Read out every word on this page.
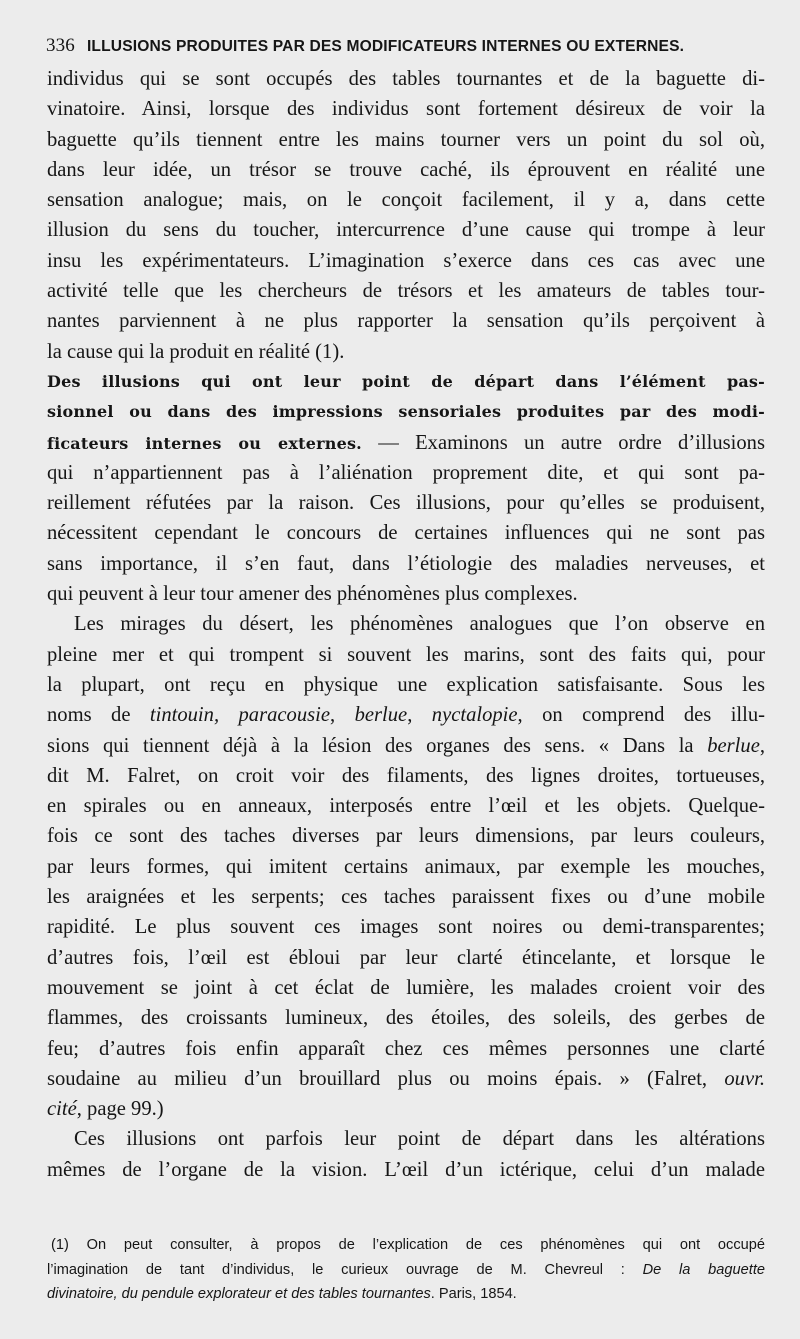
336 ILLUSIONS PRODUITES PAR DES MODIFICATEURS INTERNES OU EXTERNES.
individus qui se sont occupés des tables tournantes et de la baguette di-
vinatoire. Ainsi, lorsque des individus sont fortement désireux de voir la
baguette qu’ils tiennent entre les mains tourner vers un point du sol où,
dans leur idée, un trésor se trouve caché, ils éprouvent en réalité une
sensation analogue; mais, on le conçoit facilement, il y a, dans cette
illusion du sens du toucher, intercurrence d’une cause qui trompe à leur
insu les expérimentateurs. L’imagination s’exerce dans ces cas avec une
activité telle que les chercheurs de trésors et les amateurs de tables tour-
nantes parviennent à ne plus rapporter la sensation qu’ils perçoivent à
la cause qui la produit en réalité (1).
Des illusions qui ont leur point de départ dans l’élément pas-
sionnel ou dans des impressions sensoriales produites par des modi-
ficateurs internes ou externes. — Examinons un autre ordre d’illusions
qui n’appartiennent pas à l’aliénation proprement dite, et qui sont pa-
reillement réfutées par la raison. Ces illusions, pour qu’elles se produisent,
nécessitent cependant le concours de certaines influences qui ne sont pas
sans importance, il s’en faut, dans l’étiologie des maladies nerveuses, et
qui peuvent à leur tour amener des phénomènes plus complexes.
Les mirages du désert, les phénomènes analogues que l’on observe en
pleine mer et qui trompent si souvent les marins, sont des faits qui, pour
la plupart, ont reçu en physique une explication satisfaisante. Sous les
noms de tintouin, paracousie, berlue, nyctalopie, on comprend des illu-
sions qui tiennent déjà à la lésion des organes des sens. « Dans la berlue,
dit M. Falret, on croit voir des filaments, des lignes droites, tortueuses,
en spirales ou en anneaux, interposés entre l’œil et les objets. Quelque-
fois ce sont des taches diverses par leurs dimensions, par leurs couleurs,
par leurs formes, qui imitent certains animaux, par exemple les mouches,
les araignées et les serpents; ces taches paraissent fixes ou d’une mobile
rapidité. Le plus souvent ces images sont noires ou demi-transparentes;
d’autres fois, l’œil est ébloui par leur clarté étincelante, et lorsque le
mouvement se joint à cet éclat de lumière, les malades croient voir des
flammes, des croissants lumineux, des étoiles, des soleils, des gerbes de
feu; d’autres fois enfin apparaît chez ces mêmes personnes une clarté
soudaine au milieu d’un brouillard plus ou moins épais. » (Falret, ouvr.
cité, page 99.)
Ces illusions ont parfois leur point de départ dans les altérations
mêmes de l’organe de la vision. L’œil d’un ictérique, celui d’un malade
(1) On peut consulter, à propos de l’explication de ces phénomènes qui ont occupé
l’imagination de tant d’individus, le curieux ouvrage de M. Chevreul : De la baguette
divinatoire, du pendule explorateur et des tables tournantes. Paris, 1854.
